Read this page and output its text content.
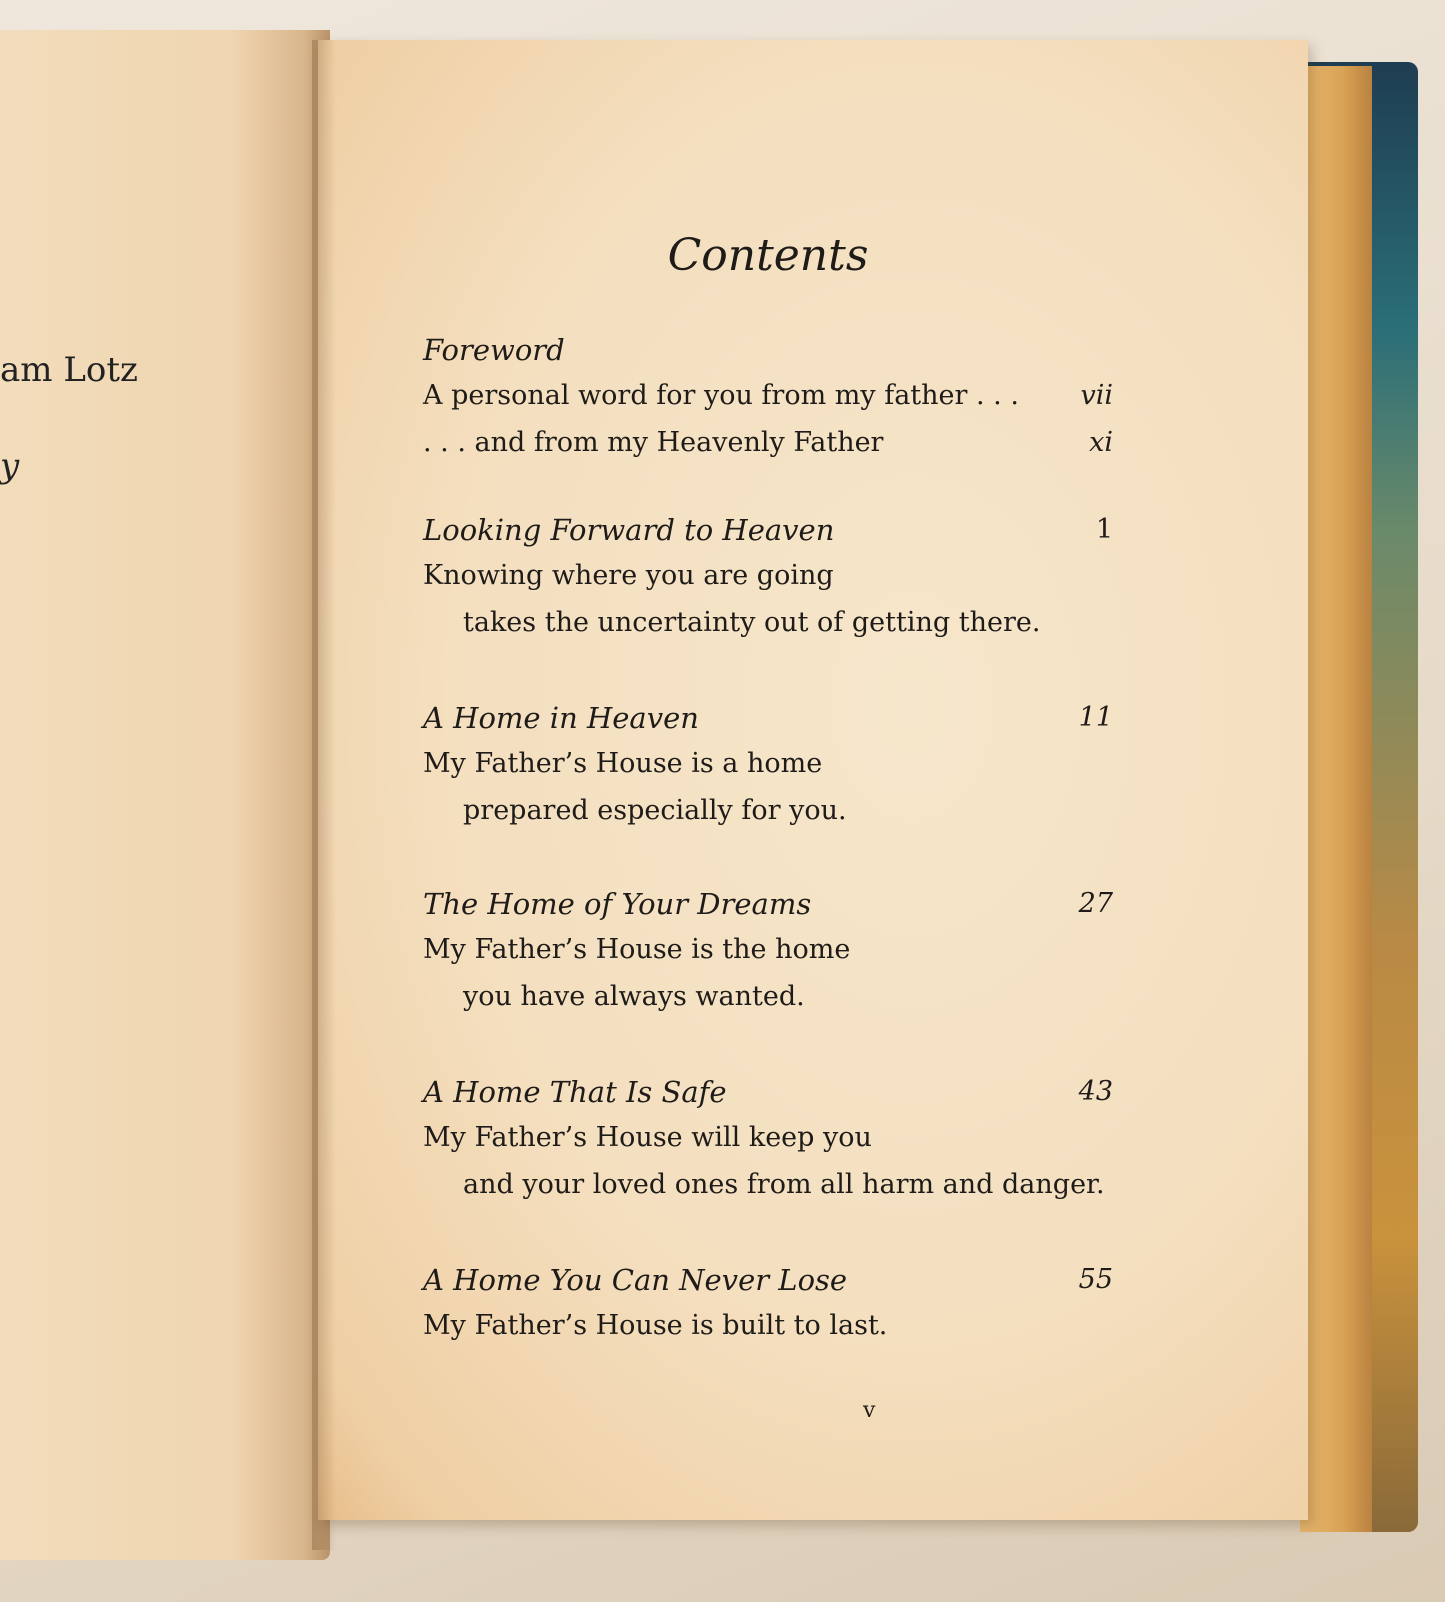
am Lotz
y
Contents
Foreword
A personal word for you from my father . . . vii
. . . and from my Heavenly Father	xi
Looking Forward to Heaven	1
Knowing where you are going
takes the uncertainty out of getting there.
A Home in Heaven	11
My Father’s House is a home
prepared especially for you.
The Home of Your Dreams	27
My Father’s House is the home
you have always wanted.
A Home That Is Safe	43
My Father’s House will keep you
and your loved ones from all harm and danger.
A Home You Can Never Lose	55
My Father’s House is built to last.
v
